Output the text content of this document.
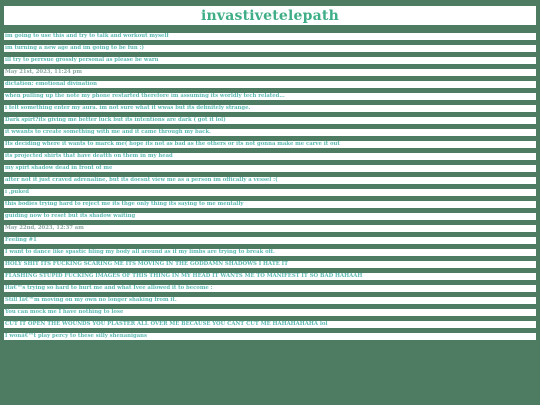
invastivetelepath
im going to use this and try to talk and workout myself
im turning a new age and im going to be fun :)
ill try to perrsue grossly personal as please be warn
May 21st, 2023, 11:24 pm
dictation: emotional divination
when pulling up the note my phone restarted therefore im assuming its worldly tech related...
i felt something enter my aura. im not sure what it wwas but its definitely strange.
Dark spirt?its giving me better luck but its intentions are dark ( got it lol)
it wwants to create something with me and it came through my back.
Its deciding where it wants to marck me( hope its not as bad as the others or its not gonna make me carve it out
its projected shirts that have deatth on them in my head
my spirt shadow dead in front of me
after not it just craved adrenaline, but its doesnt view me as a person im offically a vessel :(
i ,puked
this bodies trying hard to reject me its thge only thing its saying to me mentally
guiding now to reset but its shadow waiting
May 22nd, 2023, 12:37 am
Feeling #1
I want to dance like spastic filing my body all around as if my limbs are trying to break off.
HOLY SHIT ITS FUCKING SCARING ME ITS MOVING IN THE GODDAMN SHADOWS I HATE IT
FLASHING STUPID FUCKING IMAGES OF THIS THING IN MY HEAD IT WANTS ME TO MANIFEST IT SO BAD HAHAAH
Itâ€™s trying so hard to hurt me and what Ivee allowed it to become :
Still Iâ€™m moving on my own no longer shaking from it.
You can mock me I have nothing to lose
CUT IT OPEN THE WOUNDS YOU PLASTER ALL OVER ME BECAUSE YOU CANT CUT ME HAHAHAHAHA lol
I wonâ€™t play percy to these silly shenanigans
